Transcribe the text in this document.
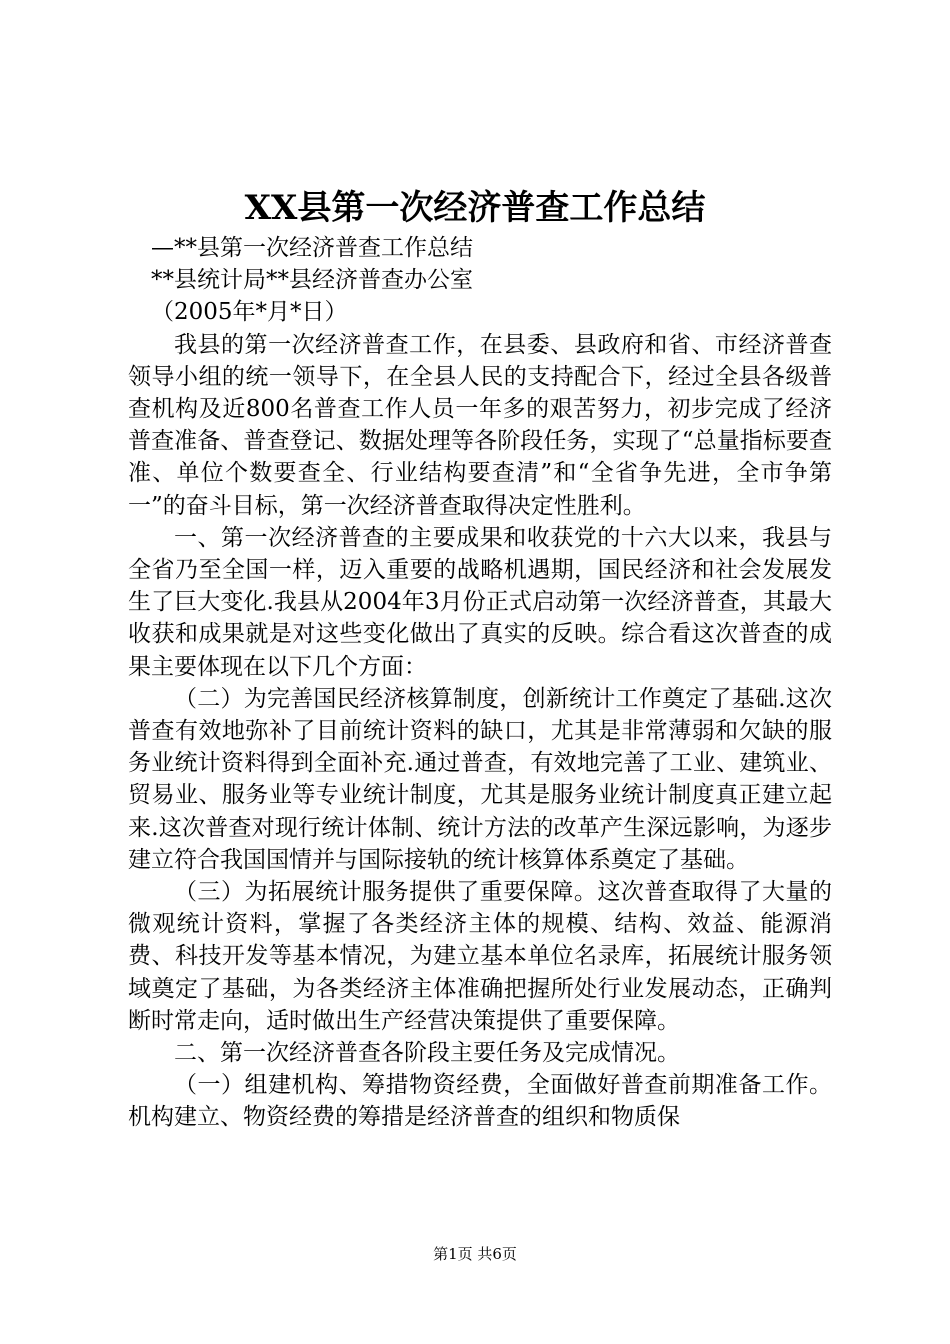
XX县第一次经济普查工作总结
—**县第一次经济普查工作总结
**县统计局**县经济普查办公室
（2005年*月*日）
我县的第一次经济普查工作，在县委、县政府和省、市经济普查领导小组的统一领导下，在全县人民的支持配合下，经过全县各级普查机构及近800名普查工作人员一年多的艰苦努力，初步完成了经济普查准备、普查登记、数据处理等各阶段任务，实现了“总量指标要查准、单位个数要查全、行业结构要查清”和“全省争先进，全市争第一”的奋斗目标，第一次经济普查取得决定性胜利。
一、第一次经济普查的主要成果和收获党的十六大以来，我县与全省乃至全国一样，迈入重要的战略机遇期，国民经济和社会发展发生了巨大变化.我县从2004年3月份正式启动第一次经济普查，其最大收获和成果就是对这些变化做出了真实的反映。综合看这次普查的成果主要体现在以下几个方面：
（二）为完善国民经济核算制度，创新统计工作奠定了基础.这次普查有效地弥补了目前统计资料的缺口，尤其是非常薄弱和欠缺的服务业统计资料得到全面补充.通过普查，有效地完善了工业、建筑业、贸易业、服务业等专业统计制度，尤其是服务业统计制度真正建立起来.这次普查对现行统计体制、统计方法的改革产生深远影响，为逐步建立符合我国国情并与国际接轨的统计核算体系奠定了基础。
（三）为拓展统计服务提供了重要保障。这次普查取得了大量的微观统计资料，掌握了各类经济主体的规模、结构、效益、能源消费、科技开发等基本情况，为建立基本单位名录库，拓展统计服务领域奠定了基础，为各类经济主体准确把握所处行业发展动态，正确判断时常走向，适时做出生产经营决策提供了重要保障。
二、第一次经济普查各阶段主要任务及完成情况。
（一）组建机构、筹措物资经费，全面做好普查前期准备工作。机构建立、物资经费的筹措是经济普查的组织和物质保
第1页 共6页
